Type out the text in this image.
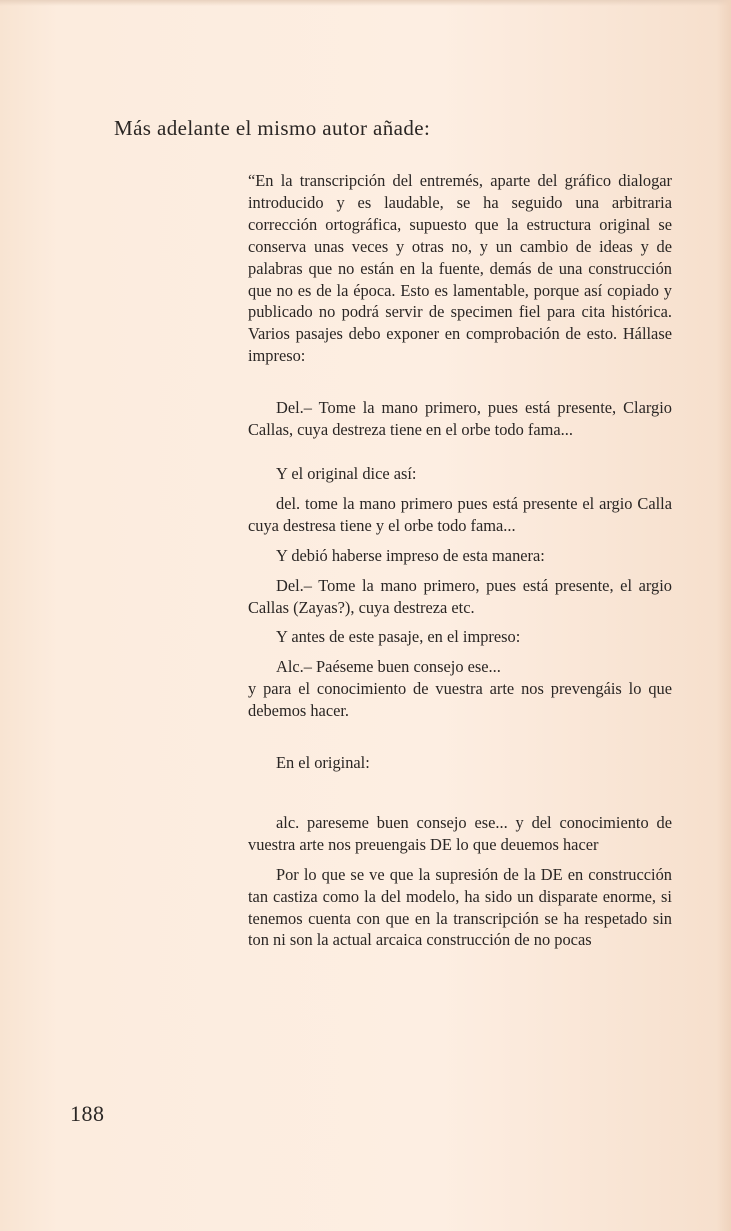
Más adelante el mismo autor añade:

“En la transcripción del entremés, aparte del gráfico dialogar introducido y es laudable, se ha seguido una arbitraria corrección ortográfica, supuesto que la estructura original se conserva unas veces y otras no, y un cambio de ideas y de palabras que no están en la fuente, demás de una construcción que no es de la época. Esto es lamentable, porque así copiado y publicado no podrá servir de specimen fiel para cita histórica. Varios pasajes debo exponer en comprobación de esto. Hállase impreso:

Del.– Tome la mano primero, pues está presente, Clargio Callas, cuya destreza tiene en el orbe todo fama...

Y el original dice así:

del. tome la mano primero pues está presente el argio Calla cuya destresa tiene y el orbe todo fama...

Y debió haberse impreso de esta manera:

Del.– Tome la mano primero, pues está presente, el argio Callas (Zayas?), cuya destreza etc.

Y antes de este pasaje, en el impreso:

Alc.– Paéseme buen consejo ese...

y para el conocimiento de vuestra arte nos prevengáis lo que debemos hacer.

En el original:

alc. pareseme buen consejo ese... y del conocimiento de vuestra arte nos preuengais DE lo que deuemos hacer

Por lo que se ve que la supresión de la DE en construcción tan castiza como la del modelo, ha sido un disparate enorme, si tenemos cuenta con que en la transcripción se ha respetado sin ton ni son la actual arcaica construcción de no pocas

188
